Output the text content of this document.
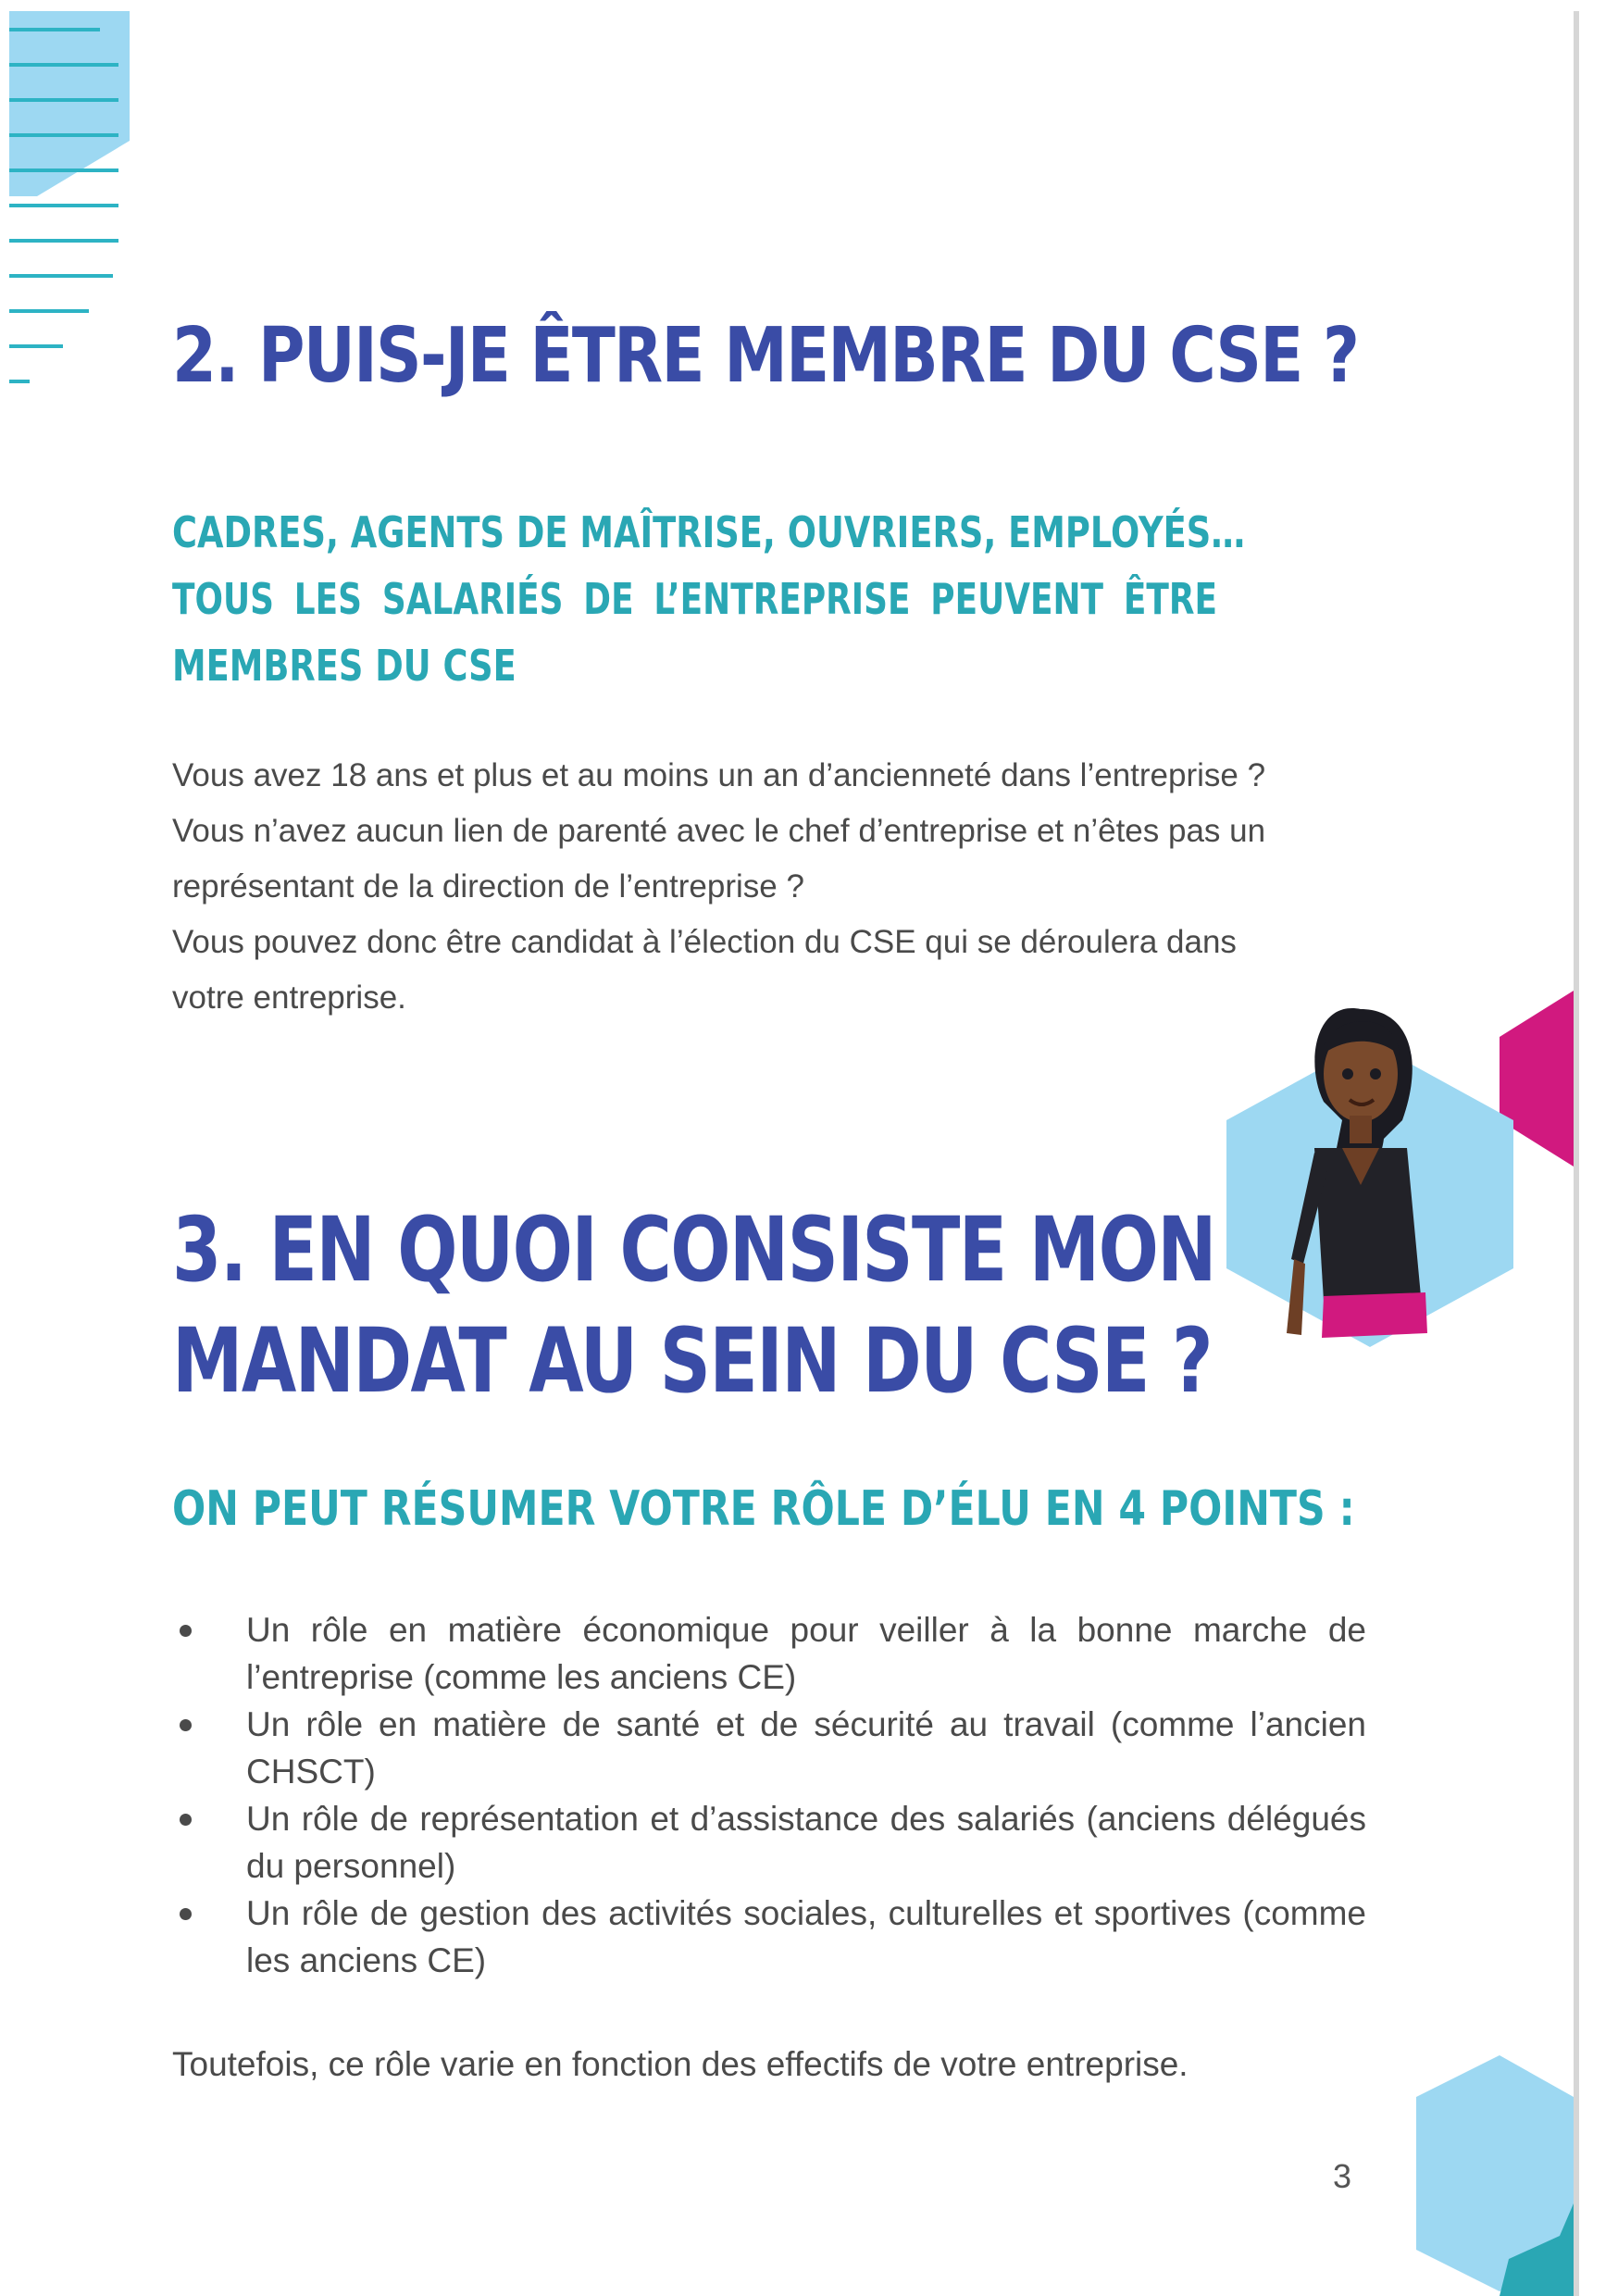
2. PUIS-JE ÊTRE MEMBRE DU CSE ?
CADRES, AGENTS DE MAÎTRISE, OUVRIERS, EMPLOYÉS…
TOUS LES SALARIÉS DE L’ENTREPRISE PEUVENT ÊTRE
MEMBRES DU CSE

Vous avez 18 ans et plus et au moins un an d’ancienneté dans l’entreprise ?

Vous n’avez aucun lien de parenté avec le chef d’entreprise et n’êtes pas un

représentant de la direction de l’entreprise ?

Vous pouvez donc être candidat à l’élection du CSE qui se déroulera dans

votre entreprise.

3. EN QUOI CONSISTE MON
MANDAT AU SEIN DU CSE ?
ON PEUT RÉSUMER VOTRE RÔLE D’ÉLU EN 4 POINTS :
Un rôle en matière économique pour veiller à la bonne marche de l’entreprise (comme les anciens CE)
Un rôle en matière de santé et de sécurité au travail (comme l’ancien CHSCT)
Un rôle de représentation et d’assistance des salariés (anciens délégués du personnel)
Un rôle de gestion des activités sociales, culturelles et sportives (comme les anciens CE)

Toutefois, ce rôle varie en fonction des effectifs de votre entreprise.

3
